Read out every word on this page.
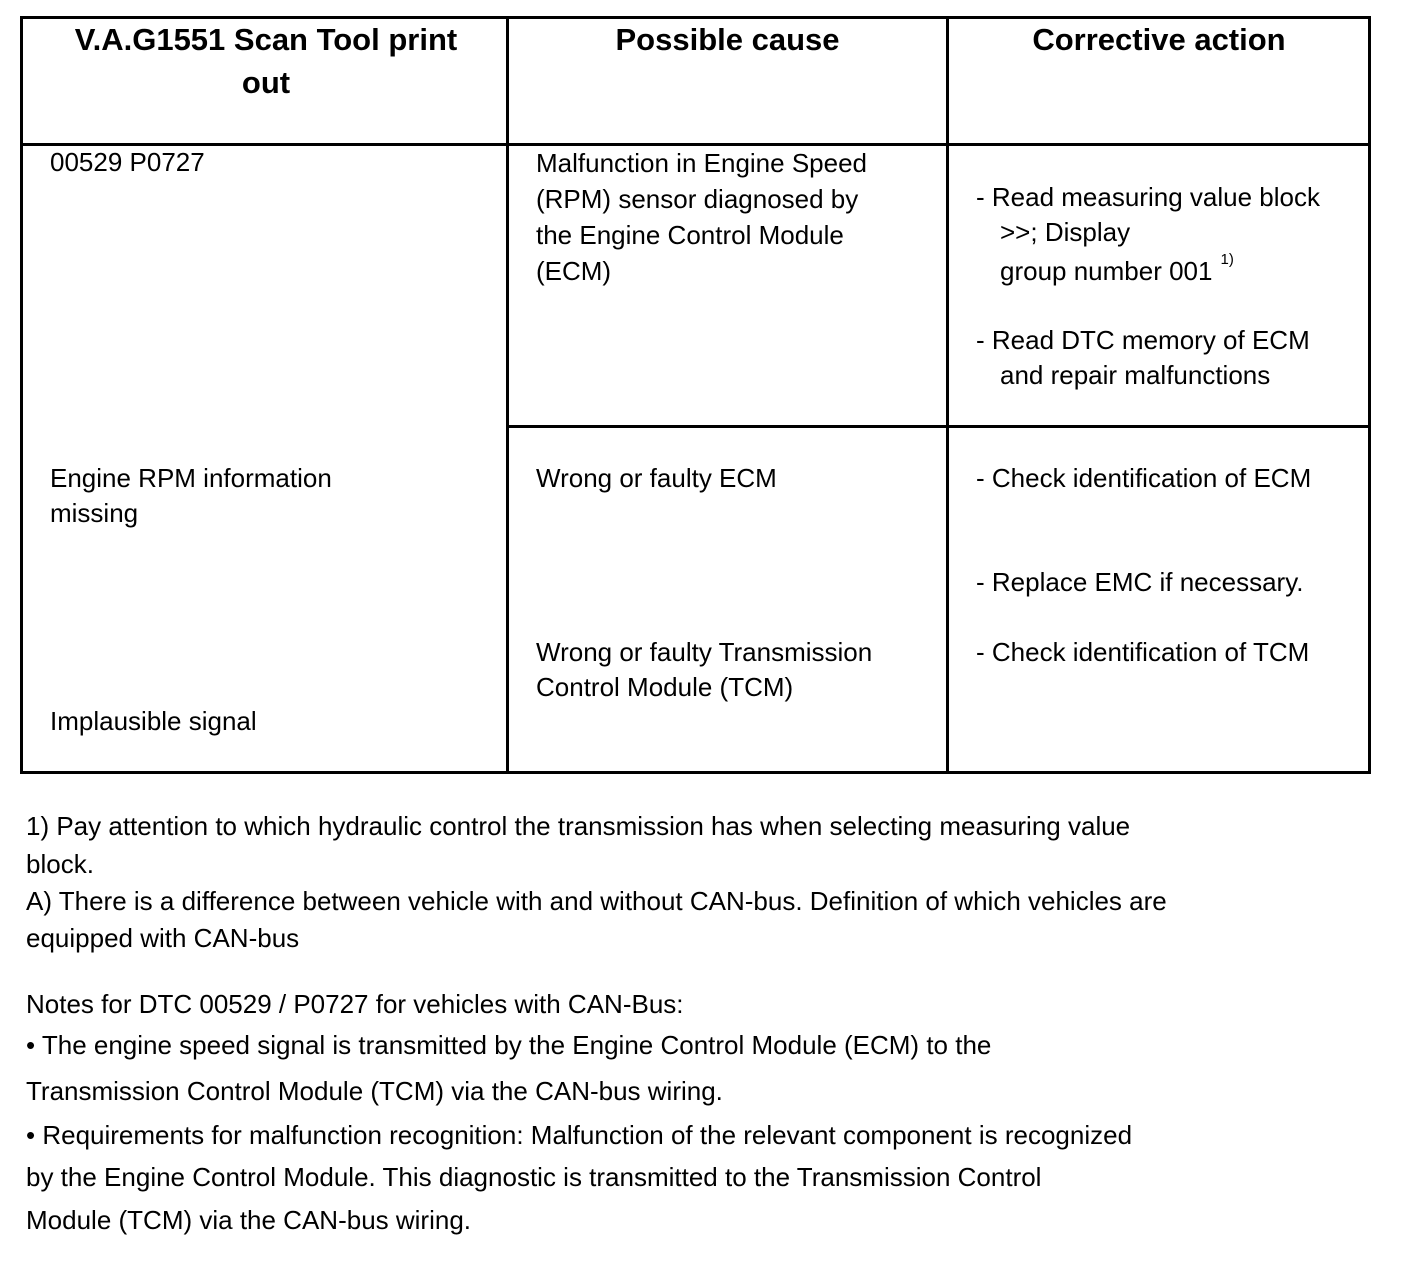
V.A.G1551 Scan Tool print
out
Possible cause	Corrective action
00529 P0727
Engine RPM information
missing
Implausible signal
Malfunction in Engine Speed
(RPM) sensor diagnosed by
the Engine Control Module
(ECM)
Wrong or faulty ECM
Wrong or faulty Transmission
Control Module (TCM)
- Read measuring value block
>>; Display
group number 001 $^{1)}$
- Read DTC memory of ECM
and repair malfunctions
- Check identification of ECM
- Replace EMC if necessary.
- Check identification of TCM
1) Pay attention to which hydraulic control the transmission has when selecting measuring value
block.
A) There is a difference between vehicle with and without CAN-bus. Definition of which vehicles are
equipped with CAN-bus
Notes for DTC 00529 / P0727 for vehicles with CAN-Bus:
• The engine speed signal is transmitted by the Engine Control Module (ECM) to the
Transmission Control Module (TCM) via the CAN-bus wiring.
• Requirements for malfunction recognition: Malfunction of the relevant component is recognized
by the Engine Control Module. This diagnostic is transmitted to the Transmission Control
Module (TCM) via the CAN-bus wiring.
